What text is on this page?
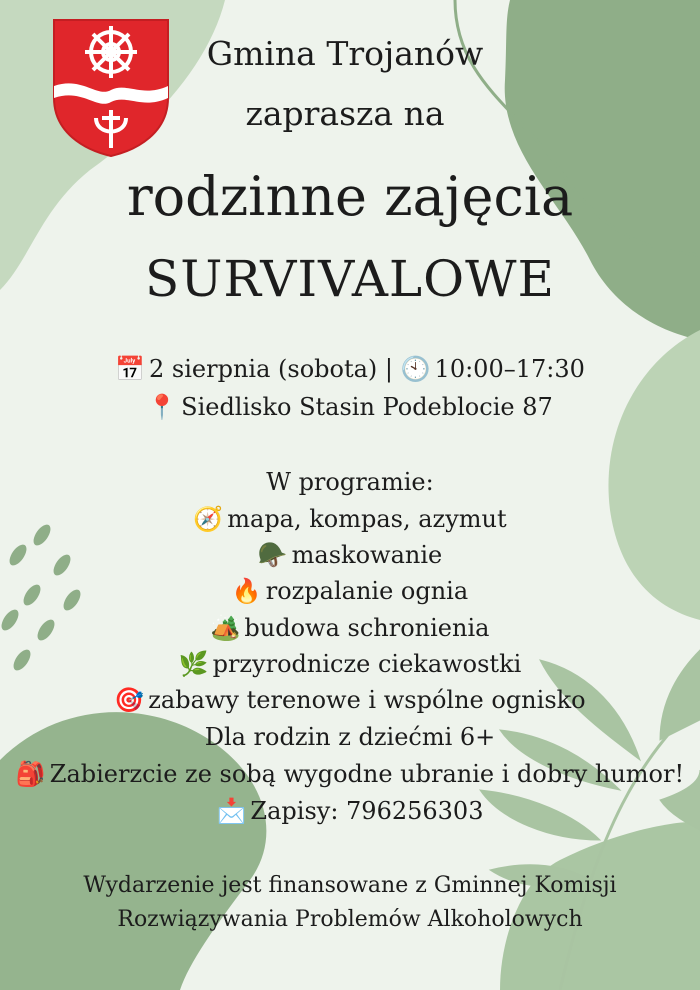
Gmina Trojanów
zaprasza na
rodzinne zajęcia
SURVIVALOWE
📅 2 sierpnia (sobota) | 🕙 10:00–17:30
📍 Siedlisko Stasin Podeblocie 87
W programie:
🧭 mapa, kompas, azymut
🪖 maskowanie
🔥 rozpalanie ognia
🏕️ budowa schronienia
🌿 przyrodnicze ciekawostki
🎯 zabawy terenowe i wspólne ognisko
Dla rodzin z dziećmi 6+
🎒 Zabierzcie ze sobą wygodne ubranie i dobry humor!
📩 Zapisy: 796256303
Wydarzenie jest finansowane z Gminnej Komisji
Rozwiązywania Problemów Alkoholowych
